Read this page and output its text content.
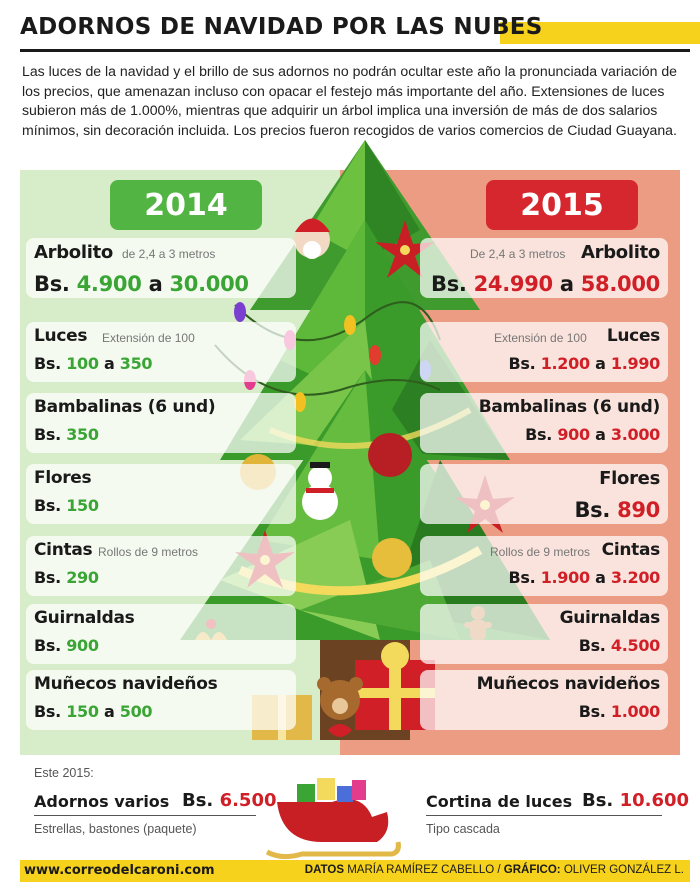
ADORNOS DE NAVIDAD POR LAS NUBES

Las luces de la navidad y el brillo de sus adornos no podrán ocultar este año la pronunciada variación de los precios, que amenazan incluso con opacar el festejo más importante del año. Extensiones de luces subieron más de 1.000%, mientras que adquirir un árbol implica una inversión de más de dos salarios mínimos, sin decoración incluida. Los precios fueron recogidos de varios comercios de Ciudad Guayana.

2014	2015
Arbolito de 2,4 a 3 metros
Bs. 4.900 a 30.000
Luces Extensión de 100
Bs. 100 a 350
Bambalinas (6 und)
Bs. 350
Flores
Bs. 150
Cintas Rollos de 9 metros
Bs. 290
Guirnaldas
Bs. 900
Muñecos navideños
Bs. 150 a 500
De 2,4 a 3 metros Arbolito
Bs. 24.990 a 58.000
Extensión de 100 Luces
Bs. 1.200 a 1.990
Bambalinas (6 und)
Bs. 900 a 3.000
Flores
Bs. 890
Rollos de 9 metros Cintas
Bs. 1.900 a 3.200
Guirnaldas
Bs. 4.500
Muñecos navideños
Bs. 1.000
Este 2015:
Adornos varios Bs. 6.500
Estrellas, bastones (paquete)
Cortina de luces Bs. 10.600
Tipo cascada
www.correodelcaroni.com	DATOS MARÍA RAMÍREZ CABELLO / GRÁFICO: OLIVER GONZÁLEZ L.
